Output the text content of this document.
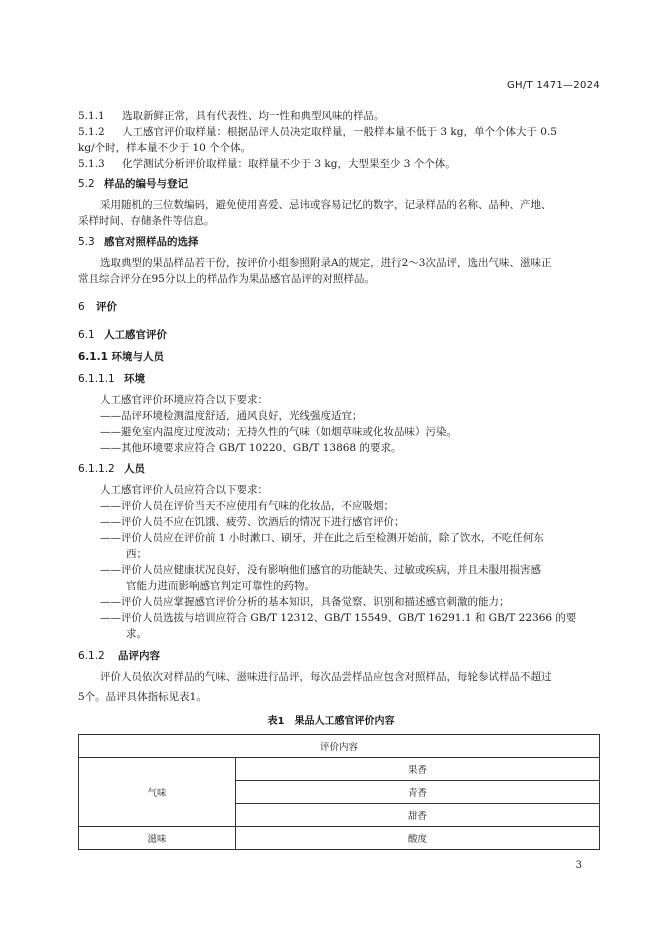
GH/T 1471—2024
5.1.1 选取新鲜正常，具有代表性、均一性和典型风味的样品。
5.1.2 人工感官评价取样量：根据品评人员决定取样量，一般样本量不低于 3 kg，单个个体大于 0.5
kg/个时，样本量不少于 10 个个体。
5.1.3 化学测试分析评价取样量：取样量不少于 3 kg，大型果至少 3 个个体。
5.2 样品的编号与登记
采用随机的三位数编码，避免使用喜爱、忌讳或容易记忆的数字，记录样品的名称、品种、产地、
采样时间、存储条件等信息。
5.3 感官对照样品的选择
选取典型的果品样品若干份，按评价小组参照附录A的规定，进行2～3次品评，选出气味、滋味正
常且综合评分在95分以上的样品作为果品感官品评的对照样品。
6 评价
6.1 人工感官评价
6.1.1 环境与人员
6.1.1.1 环境
人工感官评价环境应符合以下要求：
——品评环境检测温度舒适，通风良好，光线强度适宜；
——避免室内温度过度波动；无持久性的气味（如烟草味或化妆品味）污染。
——其他环境要求应符合 GB/T 10220、GB/T 13868 的要求。
6.1.1.2 人员
人工感官评价人员应符合以下要求：
——评价人员在评价当天不应使用有气味的化妆品，不应吸烟；
——评价人员不应在饥饿、疲劳、饮酒后的情况下进行感官评价；
——评价人员应在评价前 1 小时漱口、刷牙，并在此之后至检测开始前，除了饮水，不吃任何东
西；
——评价人员应健康状况良好，没有影响他们感官的功能缺失、过敏或疾病，并且未服用损害感
官能力进而影响感官判定可靠性的药物。
——评价人员应掌握感官评价分析的基本知识，具备觉察、识别和描述感官刺激的能力；
——评价人员选拔与培训应符合 GB/T 12312、GB/T 15549、GB/T 16291.1 和 GB/T 22366 的要
求。
6.1.2 品评内容
评价人员依次对样品的气味、滋味进行品评，每次品尝样品应包含对照样品，每轮参试样品不超过
5个。品评具体指标见表1。
表1　果品人工感官评价内容
评价内容	
气味	果香
	青香
	甜香
滋味	酸度
3
